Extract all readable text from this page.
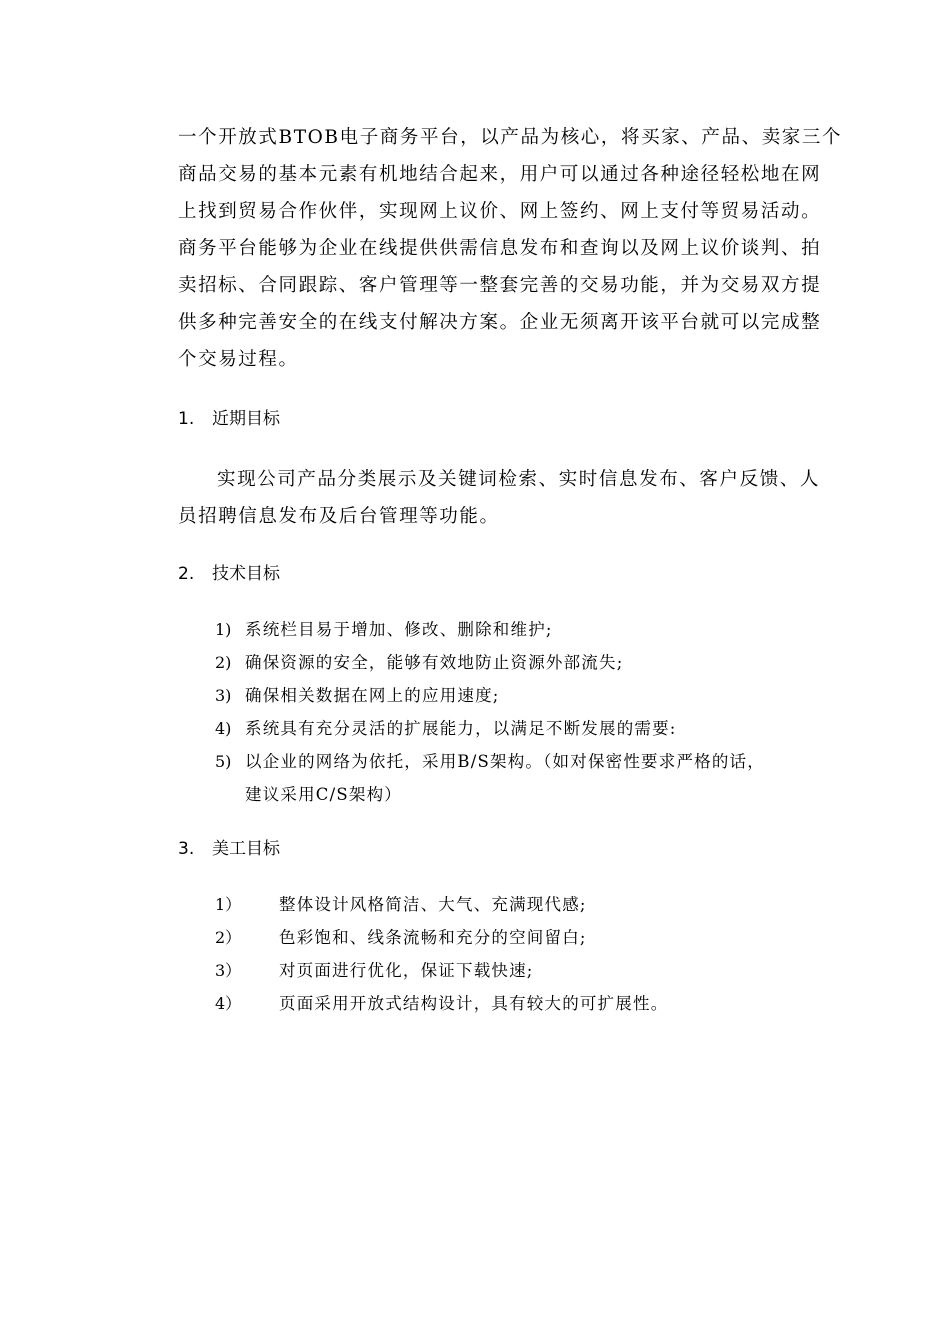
一个开放式BTOB电子商务平台，以产品为核心，将买家、产品、卖家三个
商品交易的基本元素有机地结合起来，用户可以通过各种途径轻松地在网
上找到贸易合作伙伴，实现网上议价、网上签约、网上支付等贸易活动。
商务平台能够为企业在线提供供需信息发布和查询以及网上议价谈判、拍
卖招标、合同跟踪、客户管理等一整套完善的交易功能，并为交易双方提
供多种完善安全的在线支付解决方案。企业无须离开该平台就可以完成整
个交易过程。
1. 近期目标
实现公司产品分类展示及关键词检索、实时信息发布、客户反馈、人
员招聘信息发布及后台管理等功能。
2. 技术目标
1) 系统栏目易于增加、修改、删除和维护;
2) 确保资源的安全，能够有效地防止资源外部流失;
3) 确保相关数据在网上的应用速度;
4) 系统具有充分灵活的扩展能力，以满足不断发展的需要:
5) 以企业的网络为依托，采用B/S架构。（如对保密性要求严格的话，
建议采用C/S架构）
3. 美工目标
1） 整体设计风格简洁、大气、充满现代感;
2） 色彩饱和、线条流畅和充分的空间留白;
3） 对页面进行优化，保证下载快速;
4） 页面采用开放式结构设计，具有较大的可扩展性。
